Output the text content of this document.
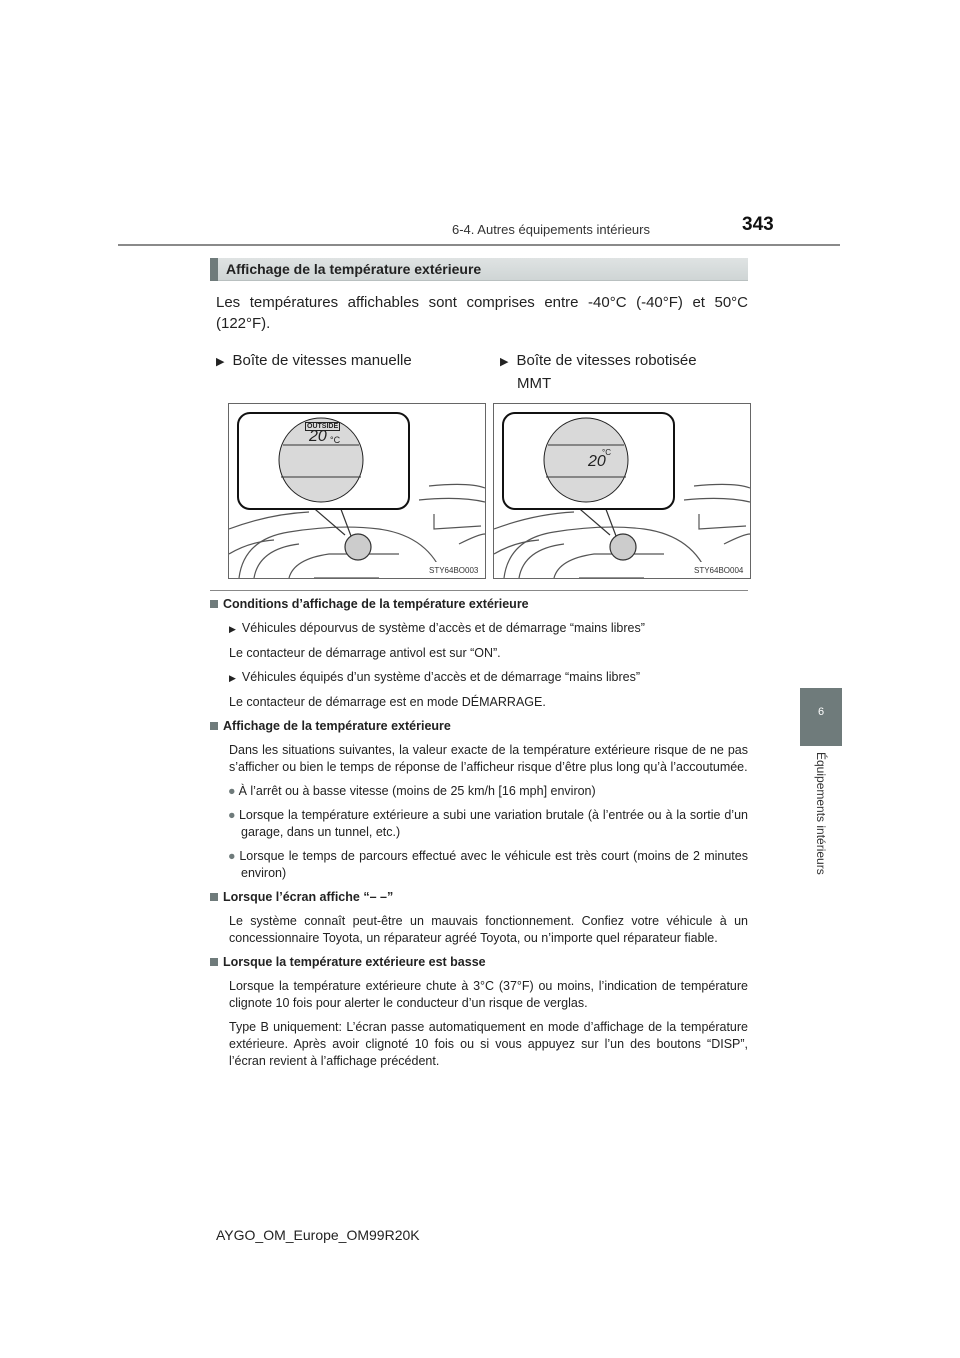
6-4. Autres équipements intérieurs	343
6
Équipements intérieurs
Affichage de la température extérieure
Les températures affichables sont comprises entre -40°C (-40°F) et 50°C (122°F).
▶ Boîte de vitesses manuelle	▶ Boîte de vitesses robotisée MMT
OUTSIDE
20 °C
STY64BO003
°C
20
STY64BO004

Conditions d’affichage de la température extérieure

▶ Véhicules dépourvus de système d’accès et de démarrage “mains libres”

Le contacteur de démarrage antivol est sur “ON”.

▶ Véhicules équipés d’un système d’accès et de démarrage “mains libres”

Le contacteur de démarrage est en mode DÉMARRAGE.

Affichage de la température extérieure

Dans les situations suivantes, la valeur exacte de la température extérieure risque de ne pas s’afficher ou bien le temps de réponse de l’afficheur risque d’être plus long qu’à l’accoutumée.

● À l’arrêt ou à basse vitesse (moins de 25 km/h [16 mph] environ)

● Lorsque la température extérieure a subi une variation brutale (à l’entrée ou à la sortie d’un garage, dans un tunnel, etc.)

● Lorsque le temps de parcours effectué avec le véhicule est très court (moins de 2 minutes environ)

Lorsque l’écran affiche “– –”

Le système connaît peut-être un mauvais fonctionnement. Confiez votre véhicule à un concessionnaire Toyota, un réparateur agréé Toyota, ou n’importe quel réparateur fiable.

Lorsque la température extérieure est basse

Lorsque la température extérieure chute à 3°C (37°F) ou moins, l’indication de température clignote 10 fois pour alerter le conducteur d’un risque de verglas.

Type B uniquement: L’écran passe automatiquement en mode d’affichage de la température extérieure. Après avoir clignoté 10 fois ou si vous appuyez sur l’un des boutons “DISP”, l’écran revient à l’affichage précédent.

AYGO_OM_Europe_OM99R20K
